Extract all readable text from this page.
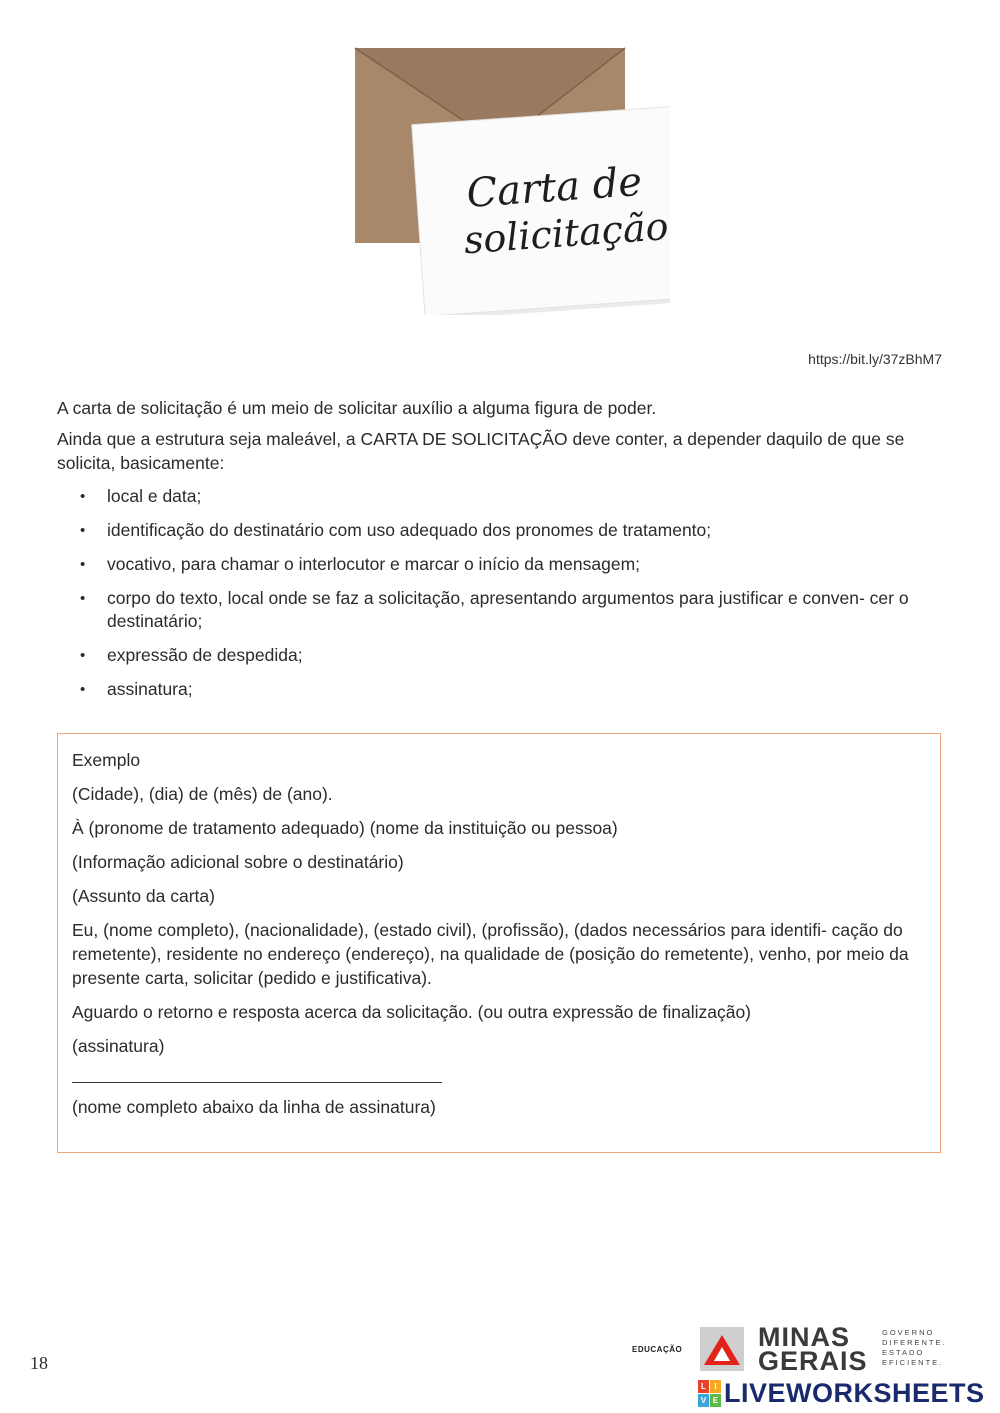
Carta de
solicitação
https://bit.ly/37zBhM7

A carta de solicitação é um meio de solicitar auxílio a alguma figura de poder.

Ainda que a estrutura seja maleável, a CARTA DE SOLICITAÇÃO deve conter, a depender daquilo de que se solicita, basicamente:

• local e data;
• identificação do destinatário com uso adequado dos pronomes de tratamento;
• vocativo, para chamar o interlocutor e marcar o início da mensagem;
• corpo do texto, local onde se faz a solicitação, apresentando argumentos para justificar e conven- cer o destinatário;
• expressão de despedida;
• assinatura;

Exemplo

(Cidade), (dia) de (mês) de (ano).

À (pronome de tratamento adequado) (nome da instituição ou pessoa)

(Informação adicional sobre o destinatário)

(Assunto da carta)

Eu, (nome completo), (nacionalidade), (estado civil), (profissão), (dados necessários para identifi- cação do remetente), residente no endereço (endereço), na qualidade de (posição do remetente), venho, por meio da presente carta, solicitar (pedido e justificativa).

Aguardo o retorno e resposta acerca da solicitação. (ou outra expressão de finalização)

(assinatura)

(nome completo abaixo da linha de assinatura)

18
EDUCAÇÃO	MINAS
GERAIS
GOVERNO
DIFERENTE.
ESTADO
EFICIENTE.
L	I
V E LIVEWORKSHEETS
